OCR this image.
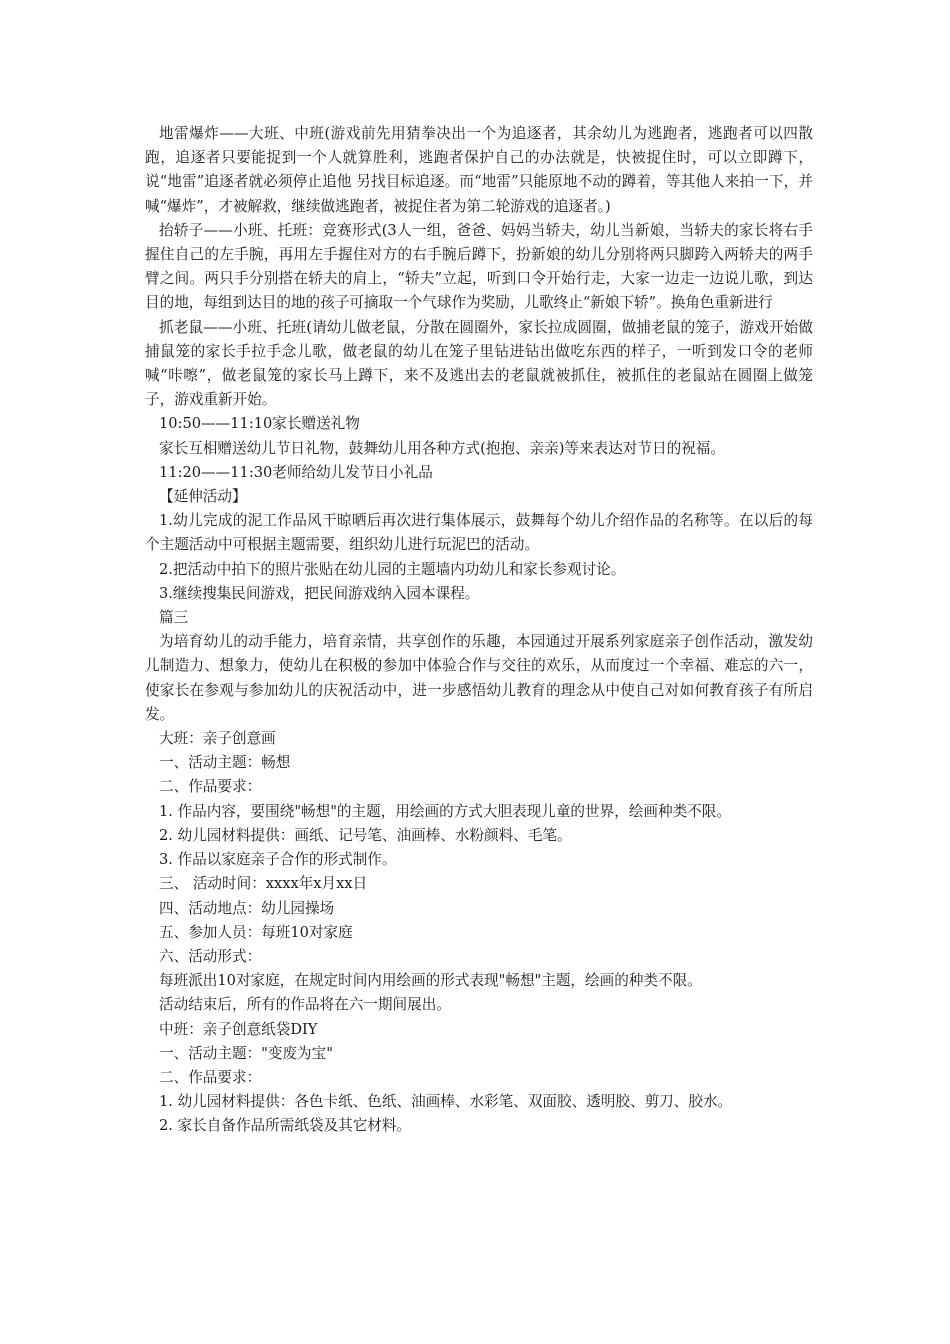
地雷爆炸——大班、中班(游戏前先用猜拳决出一个为追逐者，其余幼儿为逃跑者，逃跑者可以四散跑，追逐者只要能捉到一个人就算胜利，逃跑者保护自己的办法就是，快被捉住时，可以立即蹲下，说“地雷”追逐者就必须停止追他 另找目标追逐。而“地雷”只能原地不动的蹲着，等其他人来拍一下，并喊“爆炸”，才被解救，继续做逃跑者，被捉住者为第二轮游戏的追逐者。)

抬轿子——小班、托班：竞赛形式(3人一组，爸爸、妈妈当轿夫，幼儿当新娘，当轿夫的家长将右手握住自己的左手腕，再用左手握住对方的右手腕后蹲下，扮新娘的幼儿分别将两只脚跨入两轿夫的两手臂之间。两只手分别搭在轿夫的肩上，“轿夫”立起，听到口令开始行走，大家一边走一边说儿歌，到达目的地，每组到达目的地的孩子可摘取一个气球作为奖励，儿歌终止“新娘下轿”。换角色重新进行

抓老鼠——小班、托班(请幼儿做老鼠，分散在圆圈外，家长拉成圆圈，做捕老鼠的笼子，游戏开始做捕鼠笼的家长手拉手念儿歌，做老鼠的幼儿在笼子里钻进钻出做吃东西的样子，一听到发口令的老师喊“咔嚓”，做老鼠笼的家长马上蹲下，来不及逃出去的老鼠就被抓住，被抓住的老鼠站在圆圈上做笼子，游戏重新开始。

10:50——11:10家长赠送礼物

家长互相赠送幼儿节日礼物，鼓舞幼儿用各种方式(抱抱、亲亲)等来表达对节日的祝福。

11:20——11:30老师给幼儿发节日小礼品

【延伸活动】

1.幼儿完成的泥工作品风干晾晒后再次进行集体展示，鼓舞每个幼儿介绍作品的名称等。在以后的每个主题活动中可根据主题需要，组织幼儿进行玩泥巴的活动。

2.把活动中拍下的照片张贴在幼儿园的主题墙内功幼儿和家长参观讨论。

3.继续搜集民间游戏，把民间游戏纳入园本课程。

篇三

为培育幼儿的动手能力，培育亲情，共享创作的乐趣，本园通过开展系列家庭亲子创作活动，激发幼儿制造力、想象力，使幼儿在积极的参加中体验合作与交往的欢乐，从而度过一个幸福、难忘的六一，使家长在参观与参加幼儿的庆祝活动中，进一步感悟幼儿教育的理念从中使自己对如何教育孩子有所启发。

大班：亲子创意画

一、活动主题：畅想

二、作品要求：

1. 作品内容，要围绕"畅想"的主题，用绘画的方式大胆表现儿童的世界，绘画种类不限。

2. 幼儿园材料提供：画纸、记号笔、油画棒、水粉颜料、毛笔。

3. 作品以家庭亲子合作的形式制作。

三、 活动时间：xxxx年x月xx日

四、活动地点：幼儿园操场

五、参加人员：每班10对家庭

六、活动形式：

每班派出10对家庭，在规定时间内用绘画的形式表现"畅想"主题，绘画的种类不限。

活动结束后，所有的作品将在六一期间展出。

中班：亲子创意纸袋DIY

一、活动主题："变废为宝"

二、作品要求：

1. 幼儿园材料提供：各色卡纸、色纸、油画棒、水彩笔、双面胶、透明胶、剪刀、胶水。

2. 家长自备作品所需纸袋及其它材料。
